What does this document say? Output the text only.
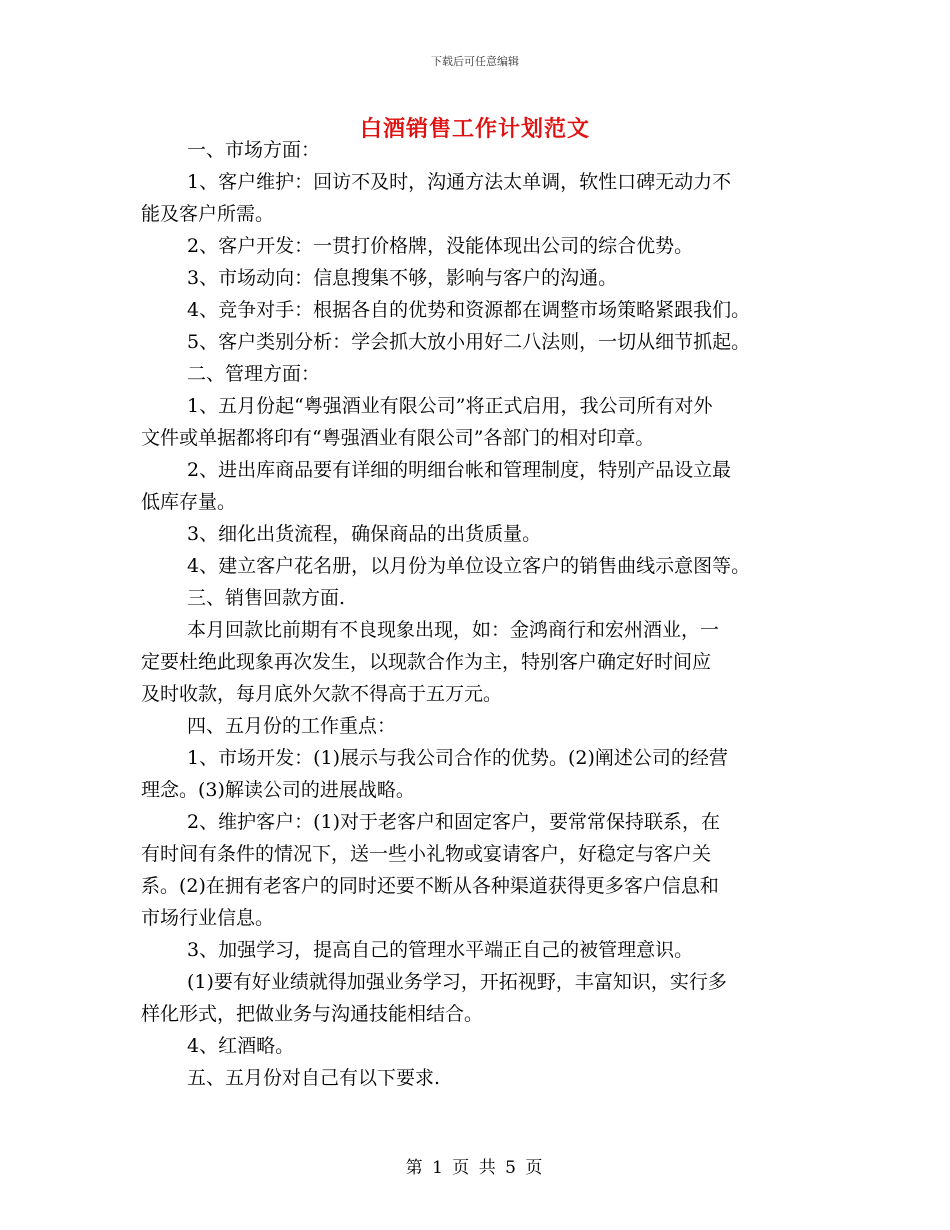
下载后可任意编辑
白酒销售工作计划范文

一、市场方面：

1、客户维护：回访不及时，沟通方法太单调，软性口碑无动力不

能及客户所需。

2、客户开发：一贯打价格牌，没能体现出公司的综合优势。

3、市场动向：信息搜集不够，影响与客户的沟通。

4、竞争对手：根据各自的优势和资源都在调整市场策略紧跟我们。

5、客户类别分析：学会抓大放小用好二八法则，一切从细节抓起。

二、管理方面：

1、五月份起“粤强酒业有限公司”将正式启用，我公司所有对外

文件或单据都将印有“粤强酒业有限公司”各部门的相对印章。

2、进出库商品要有详细的明细台帐和管理制度，特别产品设立最

低库存量。

3、细化出货流程，确保商品的出货质量。

4、建立客户花名册，以月份为单位设立客户的销售曲线示意图等。

三、销售回款方面.

本月回款比前期有不良现象出现，如：金鸿商行和宏州酒业，一

定要杜绝此现象再次发生，以现款合作为主，特别客户确定好时间应

及时收款，每月底外欠款不得高于五万元。

四、五月份的工作重点：

1、市场开发：(1)展示与我公司合作的优势。(2)阐述公司的经营

理念。(3)解读公司的进展战略。

2、维护客户：(1)对于老客户和固定客户，要常常保持联系，在

有时间有条件的情况下，送一些小礼物或宴请客户，好稳定与客户关

系。(2)在拥有老客户的同时还要不断从各种渠道获得更多客户信息和

市场行业信息。

3、加强学习，提高自己的管理水平端正自己的被管理意识。

(1)要有好业绩就得加强业务学习，开拓视野，丰富知识，实行多

样化形式，把做业务与沟通技能相结合。

4、红酒略。

五、五月份对自己有以下要求.

第 1 页 共 5 页
